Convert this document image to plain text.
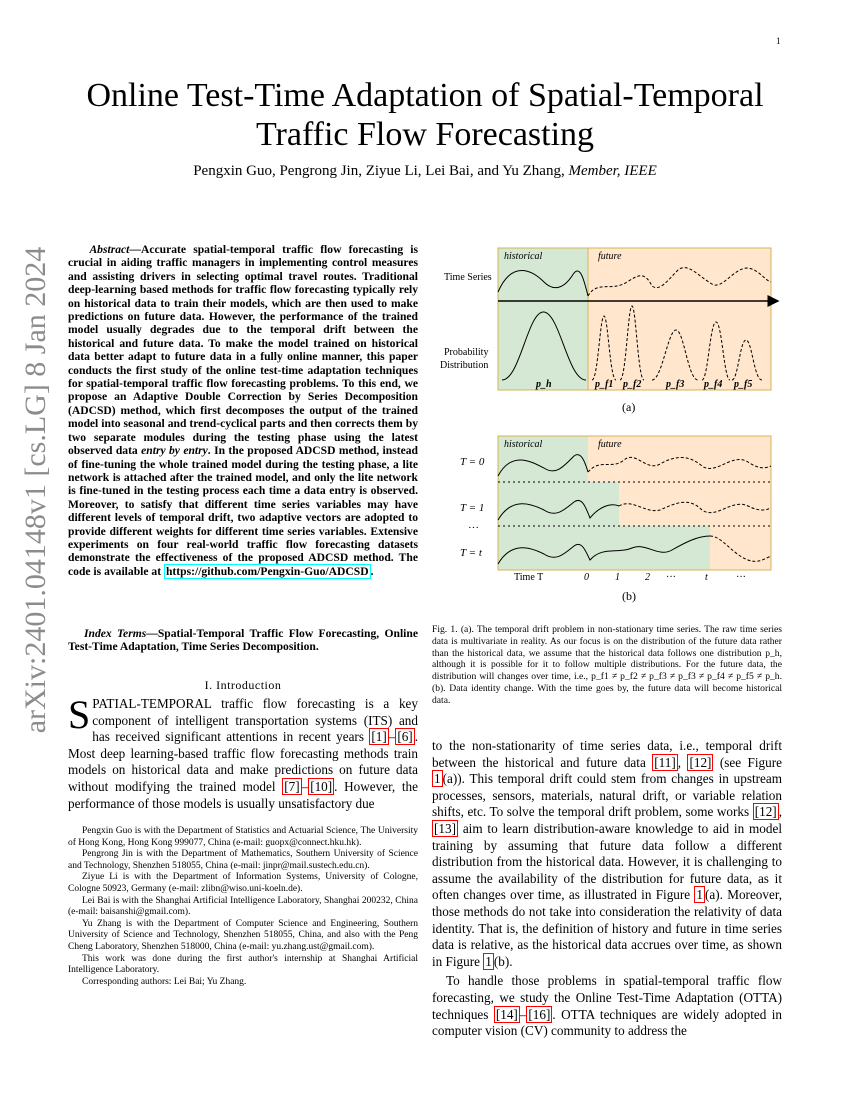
1
arXiv:2401.04148v1 [cs.LG] 8 Jan 2024
Online Test-Time Adaptation of Spatial-Temporal
Traffic Flow Forecasting
Pengxin Guo, Pengrong Jin, Ziyue Li, Lei Bai, and Yu Zhang, Member, IEEE
Abstract—Accurate spatial-temporal traffic flow forecasting is crucial in aiding traffic managers in implementing control measures and assisting drivers in selecting optimal travel routes. Traditional deep-learning based methods for traffic flow forecasting typically rely on historical data to train their models, which are then used to make predictions on future data. However, the performance of the trained model usually degrades due to the temporal drift between the historical and future data. To make the model trained on historical data better adapt to future data in a fully online manner, this paper conducts the first study of the online test-time adaptation techniques for spatial-temporal traffic flow forecasting problems. To this end, we propose an Adaptive Double Correction by Series Decomposition (ADCSD) method, which first decomposes the output of the trained model into seasonal and trend-cyclical parts and then corrects them by two separate modules during the testing phase using the latest observed data entry by entry. In the proposed ADCSD method, instead of fine-tuning the whole trained model during the testing phase, a lite network is attached after the trained model, and only the lite network is fine-tuned in the testing process each time a data entry is observed. Moreover, to satisfy that different time series variables may have different levels of temporal drift, two adaptive vectors are adopted to provide different weights for different time series variables. Extensive experiments on four real-world traffic flow forecasting datasets demonstrate the effectiveness of the proposed ADCSD method. The code is available at https://github.com/Pengxin-Guo/ADCSD .
Index Terms—Spatial-Temporal Traffic Flow Forecasting, Online Test-Time Adaptation, Time Series Decomposition.
I. Introduction
SPATIAL-TEMPORAL traffic flow forecasting is a key component of intelligent transportation systems (ITS) and has received significant attentions in recent years [1] – [6] . Most deep learning-based traffic flow forecasting methods train models on historical data and make predictions on future data without modifying the trained model [7] – [10] . However, the performance of those models is usually unsatisfactory due

Pengxin Guo is with the Department of Statistics and Actuarial Science, The University of Hong Kong, Hong Kong 999077, China (e-mail: guopx@connect.hku.hk).

Pengrong Jin is with the Department of Mathematics, Southern University of Science and Technology, Shenzhen 518055, China (e-mail: jinpr@mail.sustech.edu.cn).

Ziyue Li is with the Department of Information Systems, University of Cologne, Cologne 50923, Germany (e-mail: zlibn@wiso.uni-koeln.de).

Lei Bai is with the Shanghai Artificial Intelligence Laboratory, Shanghai 200232, China (e-mail: baisanshi@gmail.com).

Yu Zhang is with the Department of Computer Science and Engineering, Southern University of Science and Technology, Shenzhen 518055, China, and also with the Peng Cheng Laboratory, Shenzhen 518000, China (e-mail: yu.zhang.ust@gmail.com).

This work was done during the first author's internship at Shanghai Artificial Intelligence Laboratory.

Corresponding authors: Lei Bai; Yu Zhang.

historical	future
Time Series
Probability
Distribution
p_h	p_f1 p_f2 p_f3 p_f4 p_f5
(a)
historical	future
T = 0
T = 1
···
T = t
Time T	0	1	2 ···	t	···
(b)
Fig. 1. (a). The temporal drift problem in non-stationary time series. The raw time series data is multivariate in reality. As our focus is on the distribution of the future data rather than the historical data, we assume that the historical data follows one distribution p_h, although it is possible for it to follow multiple distributions. For the future data, the distribution will changes over time, i.e., p_f1 ≠ p_f2 ≠ p_f3 ≠ p_f3 ≠ p_f4 ≠ p_f5 ≠ p_h. (b). Data identity change. With the time goes by, the future data will become historical data.

to the non-stationarity of time series data, i.e., temporal drift between the historical and future data [11] , [12] (see Figure 1 (a)). This temporal drift could stem from changes in upstream processes, sensors, materials, natural drift, or variable relation shifts, etc. To solve the temporal drift problem, some works [12] , [13] aim to learn distribution-aware knowledge to aid in model training by assuming that future data follow a different distribution from the historical data. However, it is challenging to assume the availability of the distribution for future data, as it often changes over time, as illustrated in Figure 1 (a). Moreover, those methods do not take into consideration the relativity of data identity. That is, the definition of history and future in time series data is relative, as the historical data accrues over time, as shown in Figure 1 (b).

To handle those problems in spatial-temporal traffic flow forecasting, we study the Online Test-Time Adaptation (OTTA) techniques [14] – [16] . OTTA techniques are widely adopted in computer vision (CV) community to address the
